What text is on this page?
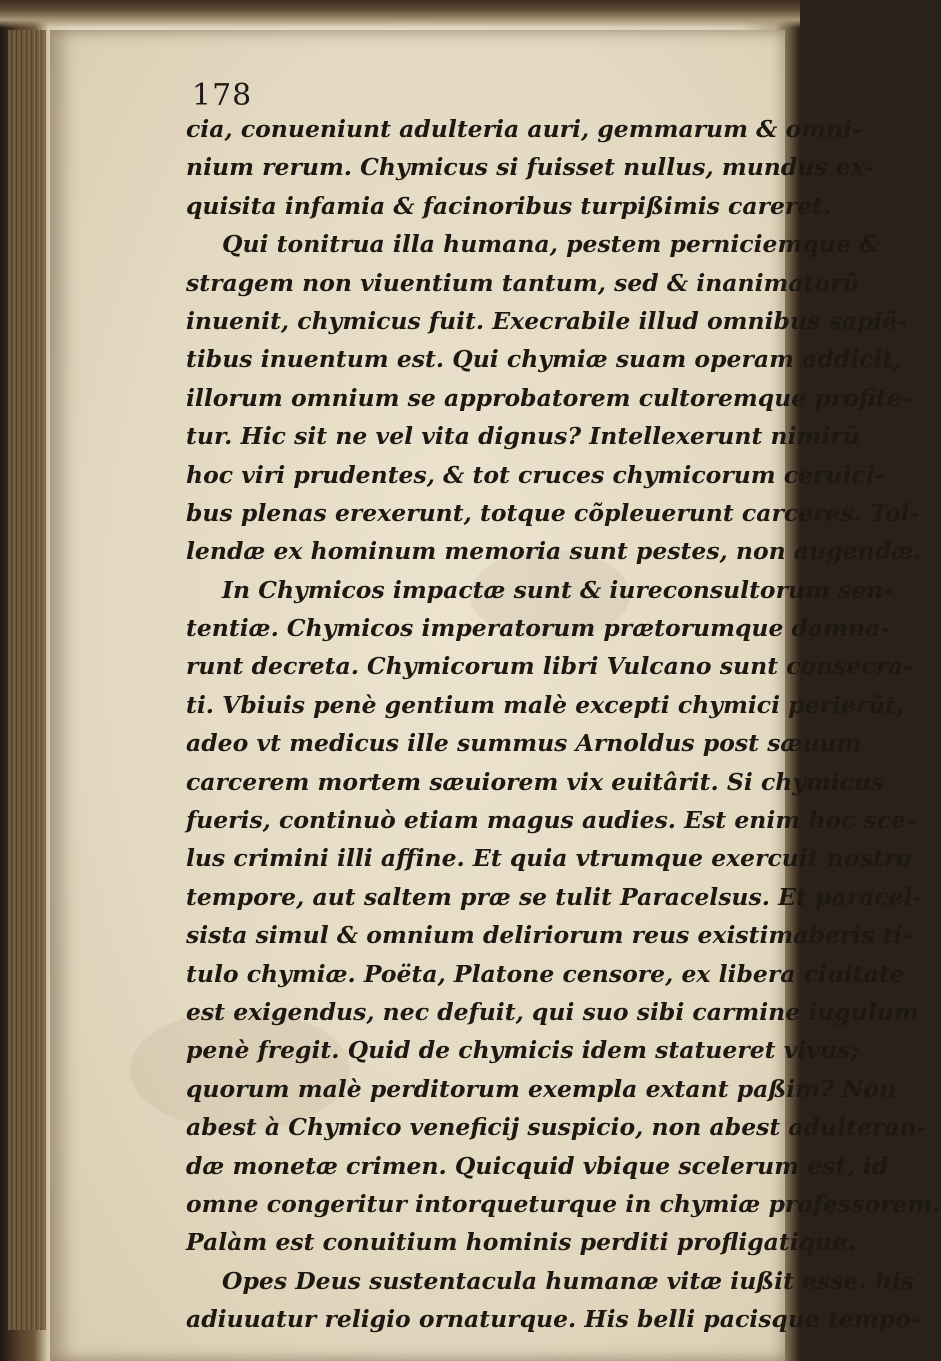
178
cia, conueniunt adulteria auri, gemmarum & omni-
nium rerum. Chymicus si fuisset nullus, mundus ex-
quisita infamia & facinoribus turpißimis careret.
Qui tonitrua illa humana, pestem perniciemque &
stragem non viuentium tantum, sed & inanimatorũ
inuenit, chymicus fuit. Execrabile illud omnibus sapiẽ-
tibus inuentum est. Qui chymiæ suam operam addicit,
illorum omnium se approbatorem cultoremque profite-
tur. Hic sit ne vel vita dignus? Intellexerunt nimirũ
hoc viri prudentes, & tot cruces chymicorum ceruici-
bus plenas erexerunt, totque cõpleuerunt carceres. Tol-
lendæ ex hominum memoria sunt pestes, non augendæ.
In Chymicos impactæ sunt & iureconsultorum sen-
tentiæ. Chymicos imperatorum prætorumque damna-
runt decreta. Chymicorum libri Vulcano sunt consecra-
ti. Vbiuis penè gentium malè excepti chymici perierũt,
adeo vt medicus ille summus Arnoldus post sæuum
carcerem mortem sæuiorem vix euitârit. Si chymicus
fueris, continuò etiam magus audies. Est enim hoc sce-
lus crimini illi affine. Et quia vtrumque exercuit nostro
tempore, aut saltem præ se tulit Paracelsus. Et paracel-
sista simul & omnium deliriorum reus existimaberis ti-
tulo chymiæ. Poëta, Platone censore, ex libera ciuitate
est exigendus, nec defuit, qui suo sibi carmine iugulum
penè fregit. Quid de chymicis idem statueret vivus;
quorum malè perditorum exempla extant paßim? Non
abest à Chymico veneficij suspicio, non abest adulteran-
dæ monetæ crimen. Quicquid vbique scelerum est, id
omne congeritur intorqueturque in chymiæ professorem.
Palàm est conuitium hominis perditi profligatique.
Opes Deus sustentacula humanæ vitæ iußit esse. his
adiuuatur religio ornaturque. His belli pacisque tempo-
